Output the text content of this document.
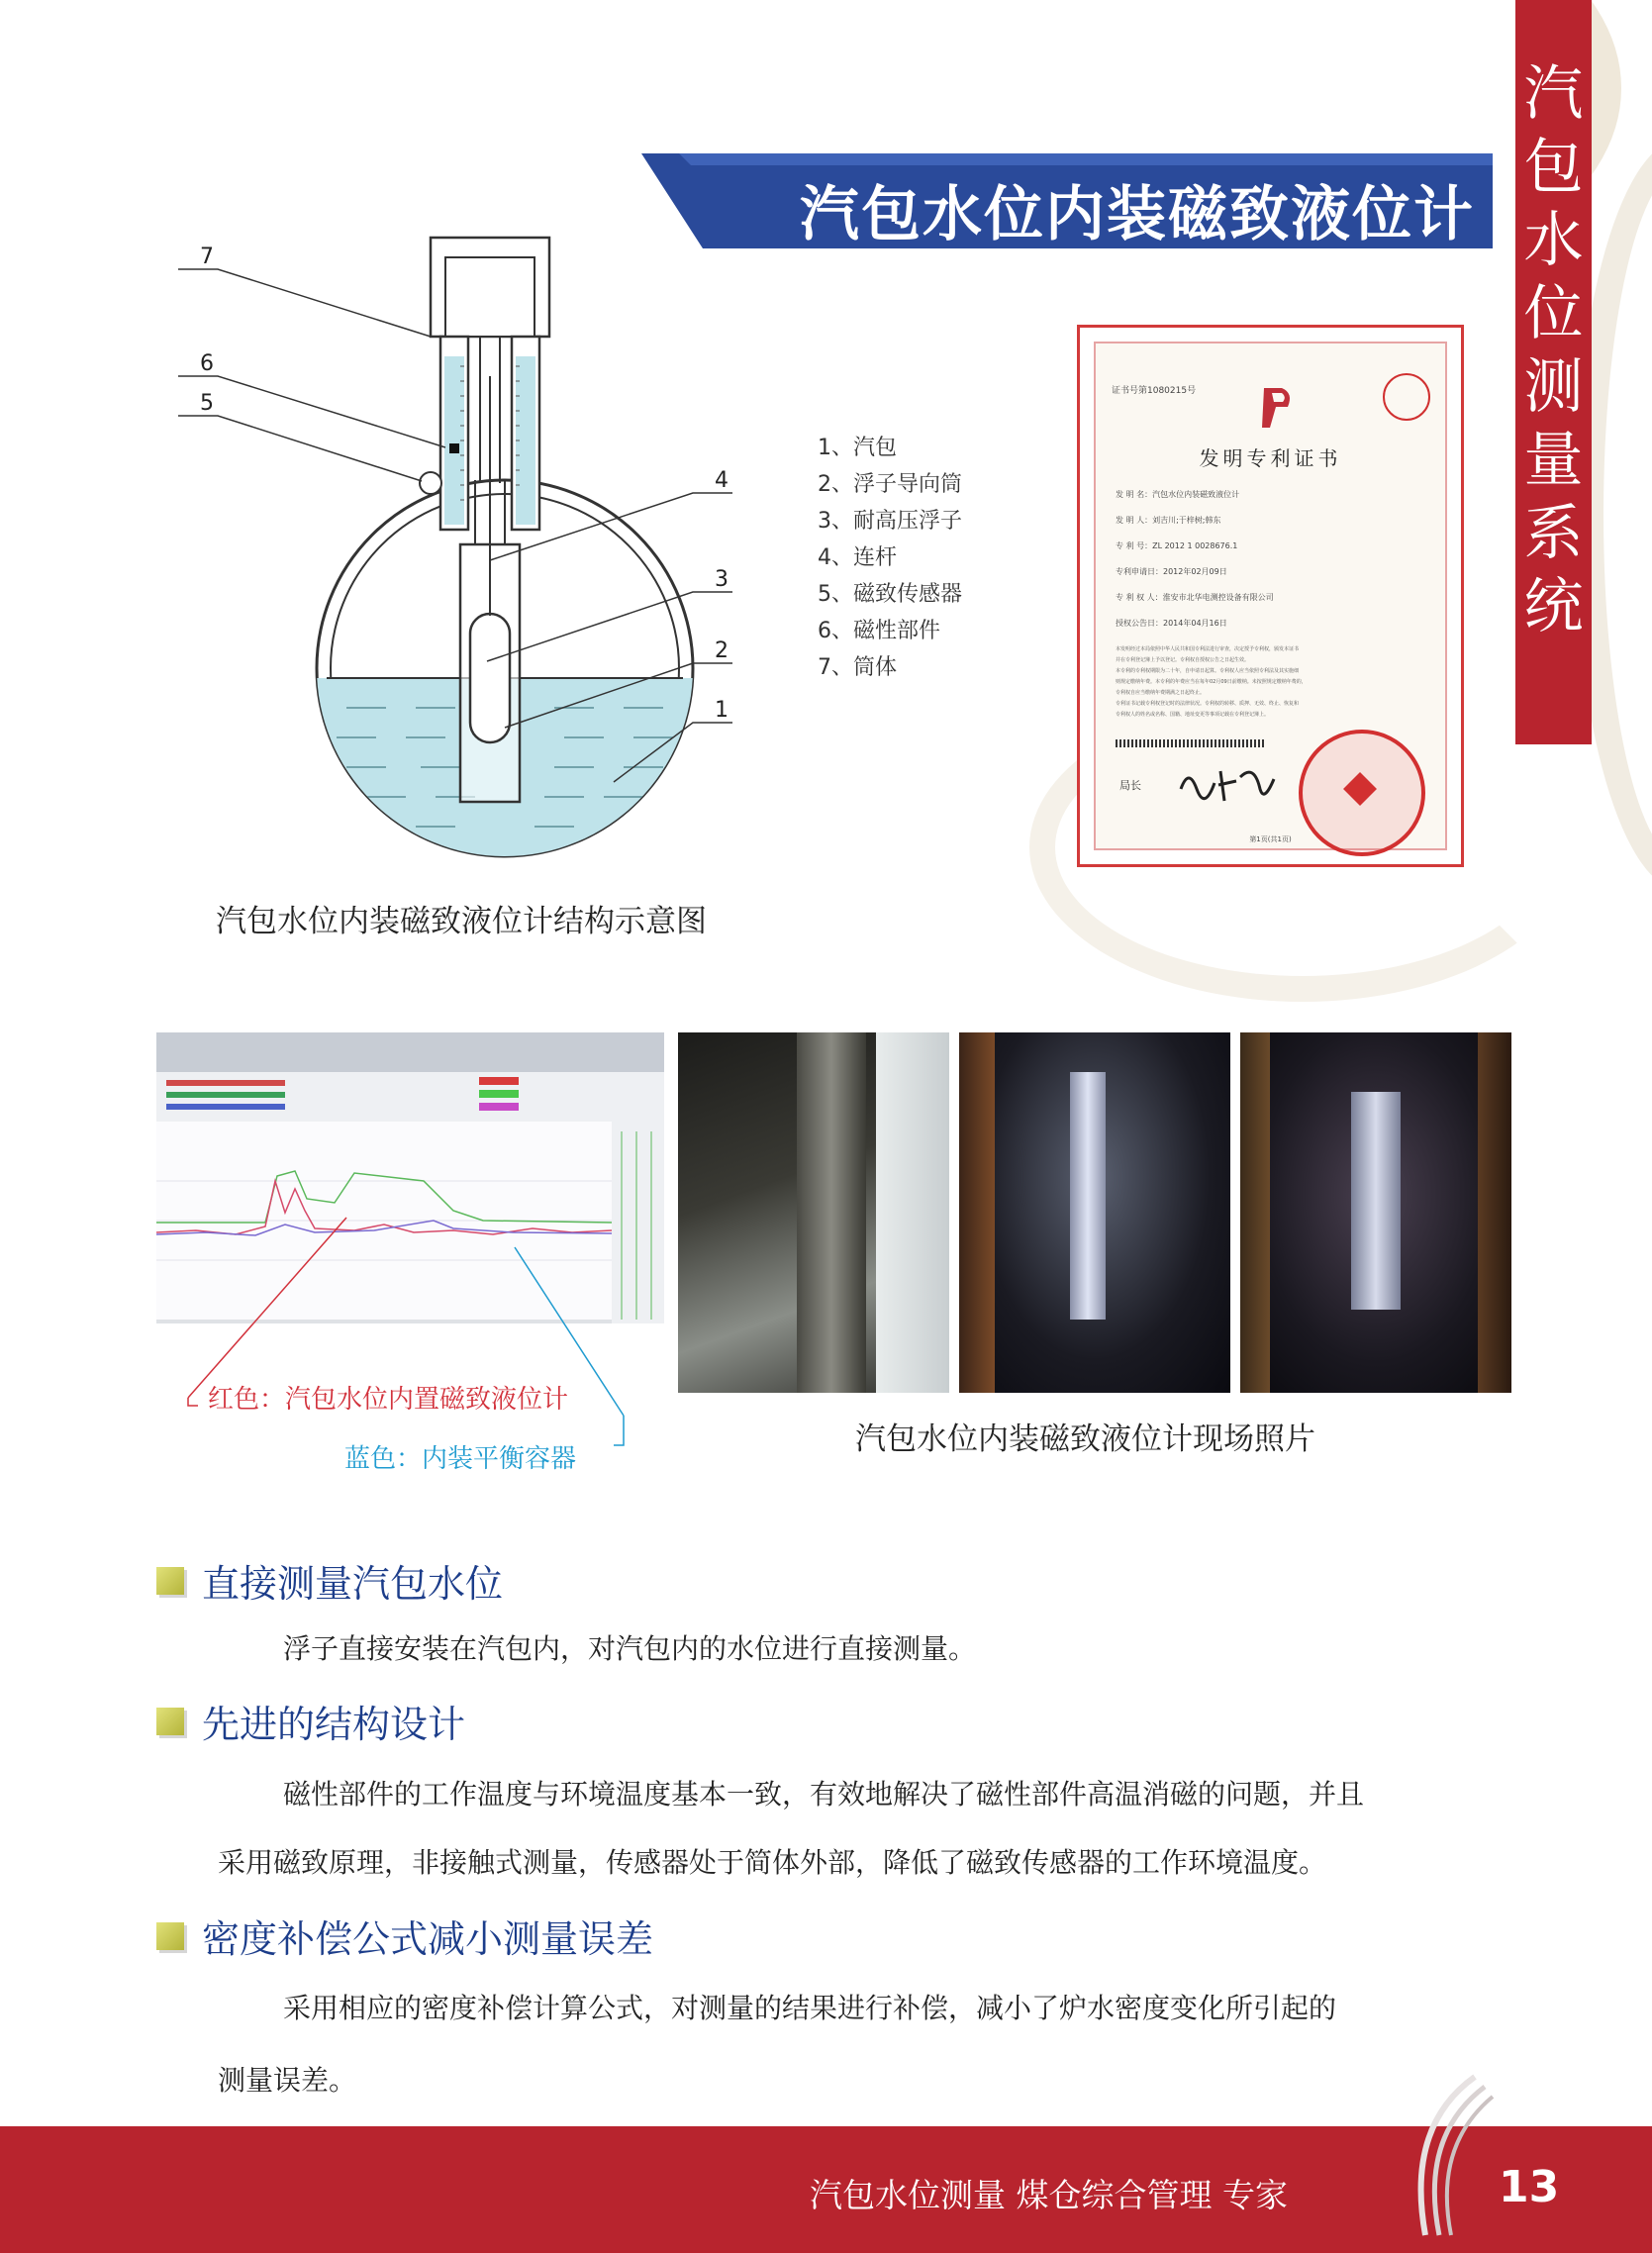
汽包水位内装磁致液位计
汽包水位测量系统
7
6
5
4
3
2
1
1、汽包
2、浮子导向筒
3、耐高压浮子
4、连杆
5、磁致传感器
6、磁性部件
7、筒体
证书号第1080215号
发明专利证书
发 明 名：汽包水位内装磁致液位计
发 明 人：刘吉川;于梓树;韩东
专 利 号：ZL 2012 1 0028676.1
专利申请日：2012年02月09日
专 利 权 人：淮安市北华电测控设备有限公司
授权公告日：2014年04月16日
本发明经过本局依照中华人民共和国专利法进行审查，决定授予专利权，颁发本证书
并在专利登记簿上予以登记。专利权自授权公告之日起生效。
本专利的专利权期限为二十年，自申请日起算。专利权人应当依照专利法及其实施细
则规定缴纳年费。本专利的年费应当在每年02月09日前缴纳。未按照规定缴纳年费的，
专利权自应当缴纳年费期满之日起终止。
专利证书记载专利权登记时的法律状况。专利权的转移、质押、无效、终止、恢复和
专利权人的姓名或名称、国籍、地址变更等事项记载在专利登记簿上。
局长
第1页(共1页)
汽包水位内装磁致液位计结构示意图
红色：汽包水位内置磁致液位计
蓝色：内装平衡容器
汽包水位内装磁致液位计现场照片
直接测量汽包水位
浮子直接安装在汽包内，对汽包内的水位进行直接测量。
先进的结构设计
磁性部件的工作温度与环境温度基本一致，有效地解决了磁性部件高温消磁的问题，并且
采用磁致原理，非接触式测量，传感器处于简体外部，降低了磁致传感器的工作环境温度。
密度补偿公式减小测量误差
采用相应的密度补偿计算公式，对测量的结果进行补偿，减小了炉水密度变化所引起的
测量误差。
汽包水位测量 煤仓综合管理 专家	13
